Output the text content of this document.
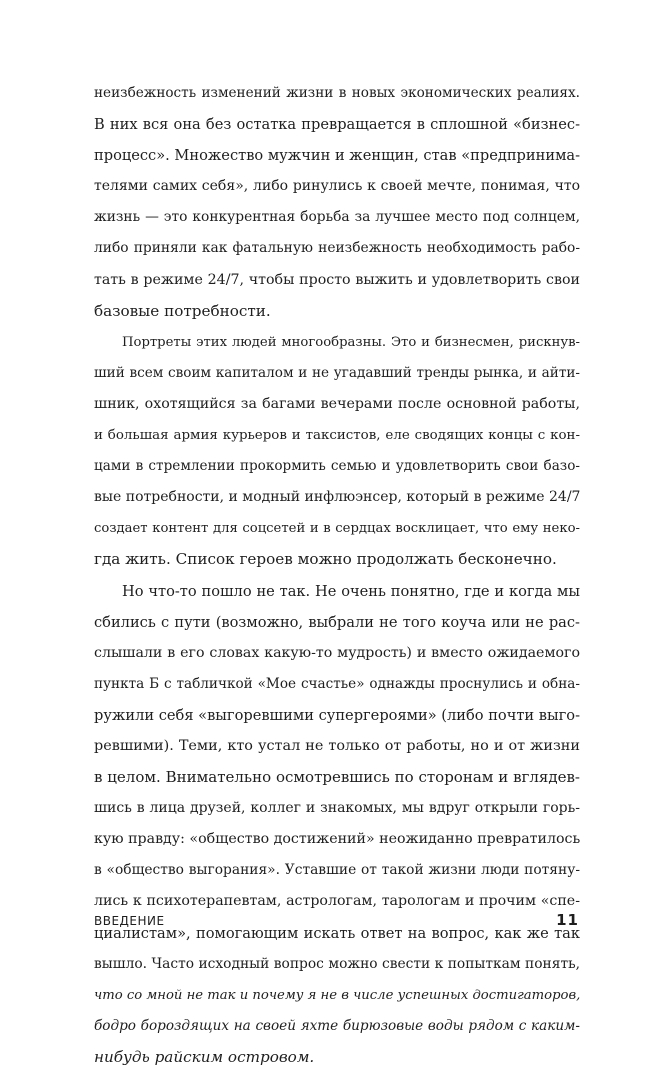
неизбежность изменений жизни в новых экономических реалиях.
В них вся она без остатка превращается в сплошной «бизнес-
процесс». Множество мужчин и женщин, став «предпринима-
телями самих себя», либо ринулись к своей мечте, понимая, что
жизнь — это конкурентная борьба за лучшее место под солнцем,
либо приняли как фатальную неизбежность необходимость рабо-
тать в режиме 24/7, чтобы просто выжить и удовлетворить свои
базовые потребности.
Портреты этих людей многообразны. Это и бизнесмен, рискнув-
ший всем своим капиталом и не угадавший тренды рынка, и айти-
шник, охотящийся за багами вечерами после основной работы,
и большая армия курьеров и таксистов, еле сводящих концы с кон-
цами в стремлении прокормить семью и удовлетворить свои базо-
вые потребности, и модный инфлюэнсер, который в режиме 24/7
создает контент для соцсетей и в сердцах восклицает, что ему неко-
гда жить. Список героев можно продолжать бесконечно.
Но что-то пошло не так. Не очень понятно, где и когда мы
сбились с пути (возможно, выбрали не того коуча или не рас-
слышали в его словах какую-то мудрость) и вместо ожидаемого
пункта Б с табличкой «Мое счастье» однажды проснулись и обна-
ружили себя «выгоревшими супергероями» (либо почти выго-
ревшими). Теми, кто устал не только от работы, но и от жизни
в целом. Внимательно осмотревшись по сторонам и вглядев-
шись в лица друзей, коллег и знакомых, мы вдруг открыли горь-
кую правду: «общество достижений» неожиданно превратилось
в «общество выгорания». Уставшие от такой жизни люди потяну-
лись к психотерапевтам, астрологам, тарологам и прочим «спе-
циалистам», помогающим искать ответ на вопрос, как же так
вышло. Часто исходный вопрос можно свести к попыткам понять,
что со мной не так и почему я не в числе успешных достигаторов,
бодро бороздящих на своей яхте бирюзовые воды рядом с каким-
нибудь райским островом.
ВВЕДЕНИЕ	11
